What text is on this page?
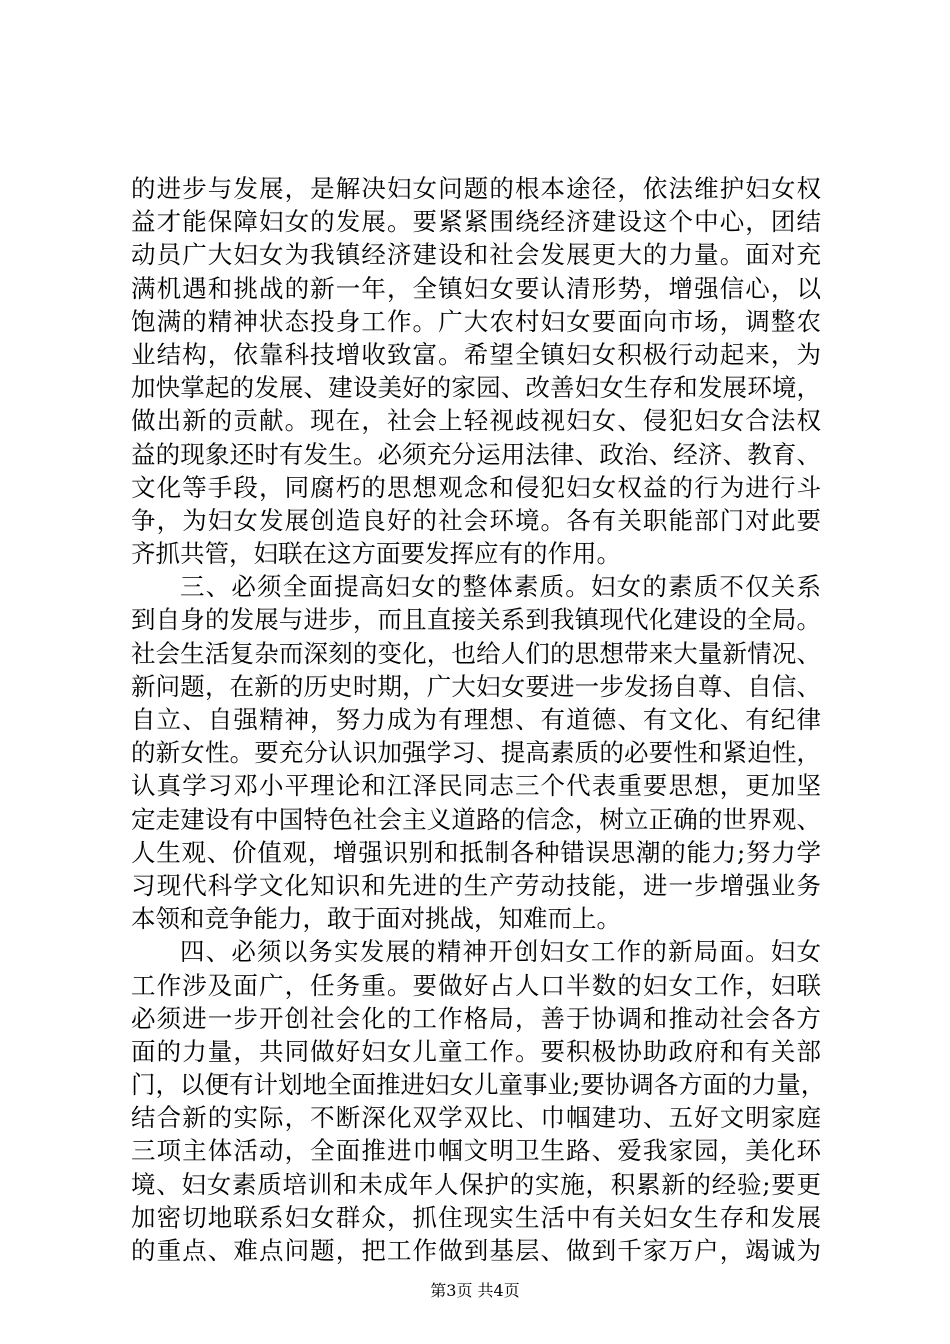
的进步与发展，是解决妇女问题的根本途径，依法维护妇女权
益才能保障妇女的发展。要紧紧围绕经济建设这个中心，团结
动员广大妇女为我镇经济建设和社会发展更大的力量。面对充
满机遇和挑战的新一年，全镇妇女要认清形势，增强信心，以
饱满的精神状态投身工作。广大农村妇女要面向市场，调整农
业结构，依靠科技增收致富。希望全镇妇女积极行动起来，为
加快掌起的发展、建设美好的家园、改善妇女生存和发展环境，
做出新的贡献。现在，社会上轻视歧视妇女、侵犯妇女合法权
益的现象还时有发生。必须充分运用法律、政治、经济、教育、
文化等手段，同腐朽的思想观念和侵犯妇女权益的行为进行斗
争，为妇女发展创造良好的社会环境。各有关职能部门对此要
齐抓共管，妇联在这方面要发挥应有的作用。
三、必须全面提高妇女的整体素质。妇女的素质不仅关系
到自身的发展与进步，而且直接关系到我镇现代化建设的全局。
社会生活复杂而深刻的变化，也给人们的思想带来大量新情况、
新问题，在新的历史时期，广大妇女要进一步发扬自尊、自信、
自立、自强精神，努力成为有理想、有道德、有文化、有纪律
的新女性。要充分认识加强学习、提高素质的必要性和紧迫性，
认真学习邓小平理论和江泽民同志三个代表重要思想，更加坚
定走建设有中国特色社会主义道路的信念，树立正确的世界观、
人生观、价值观，增强识别和抵制各种错误思潮的能力;努力学
习现代科学文化知识和先进的生产劳动技能，进一步增强业务
本领和竞争能力，敢于面对挑战，知难而上。
四、必须以务实发展的精神开创妇女工作的新局面。妇女
工作涉及面广，任务重。要做好占人口半数的妇女工作，妇联
必须进一步开创社会化的工作格局，善于协调和推动社会各方
面的力量，共同做好妇女儿童工作。要积极协助政府和有关部
门，以便有计划地全面推进妇女儿童事业;要协调各方面的力量，
结合新的实际，不断深化双学双比、巾帼建功、五好文明家庭
三项主体活动，全面推进巾帼文明卫生路、爱我家园，美化环
境、妇女素质培训和未成年人保护的实施，积累新的经验;要更
加密切地联系妇女群众，抓住现实生活中有关妇女生存和发展
的重点、难点问题，把工作做到基层、做到千家万户，竭诚为
第3页 共4页
